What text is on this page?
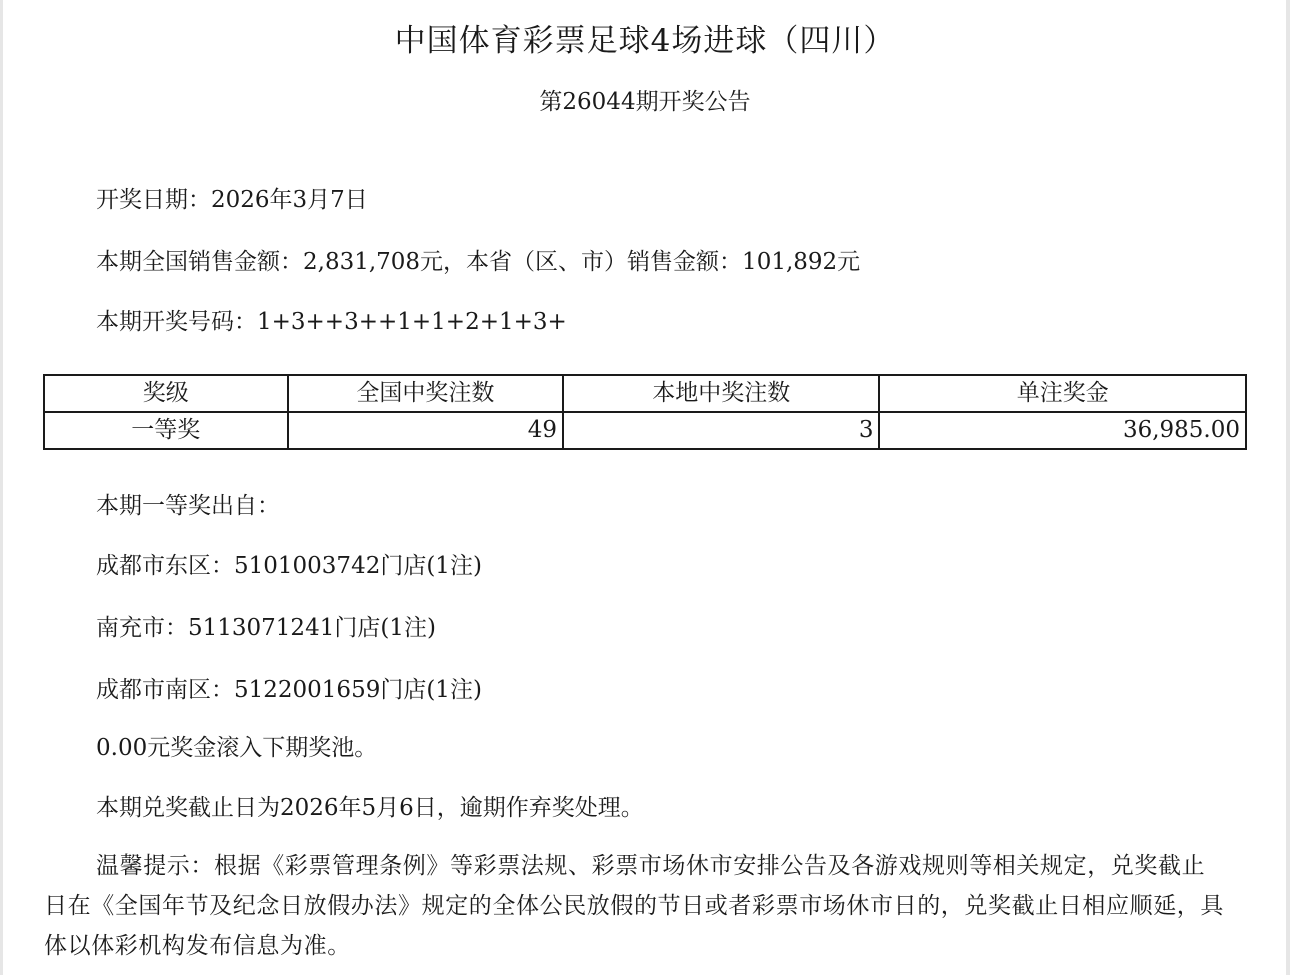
中国体育彩票足球4场进球（四川）
第26044期开奖公告
开奖日期：2026年3月7日
本期全国销售金额：2,831,708元，本省（区、市）销售金额：101,892元
本期开奖号码：1+3++3++1+1+2+1+3+
奖级	全国中奖注数	本地中奖注数	单注奖金
一等奖	49	3	36,985.00
本期一等奖出自：
成都市东区：5101003742门店(1注)
南充市：5113071241门店(1注)
成都市南区：5122001659门店(1注)
0.00元奖金滚入下期奖池。
本期兑奖截止日为2026年5月6日，逾期作弃奖处理。
温馨提示：根据《彩票管理条例》等彩票法规、彩票市场休市安排公告及各游戏规则等相关规定，兑奖截止日在《全国年节及纪念日放假办法》规定的全体公民放假的节日或者彩票市场休市日的，兑奖截止日相应顺延，具体以体彩机构发布信息为准。
